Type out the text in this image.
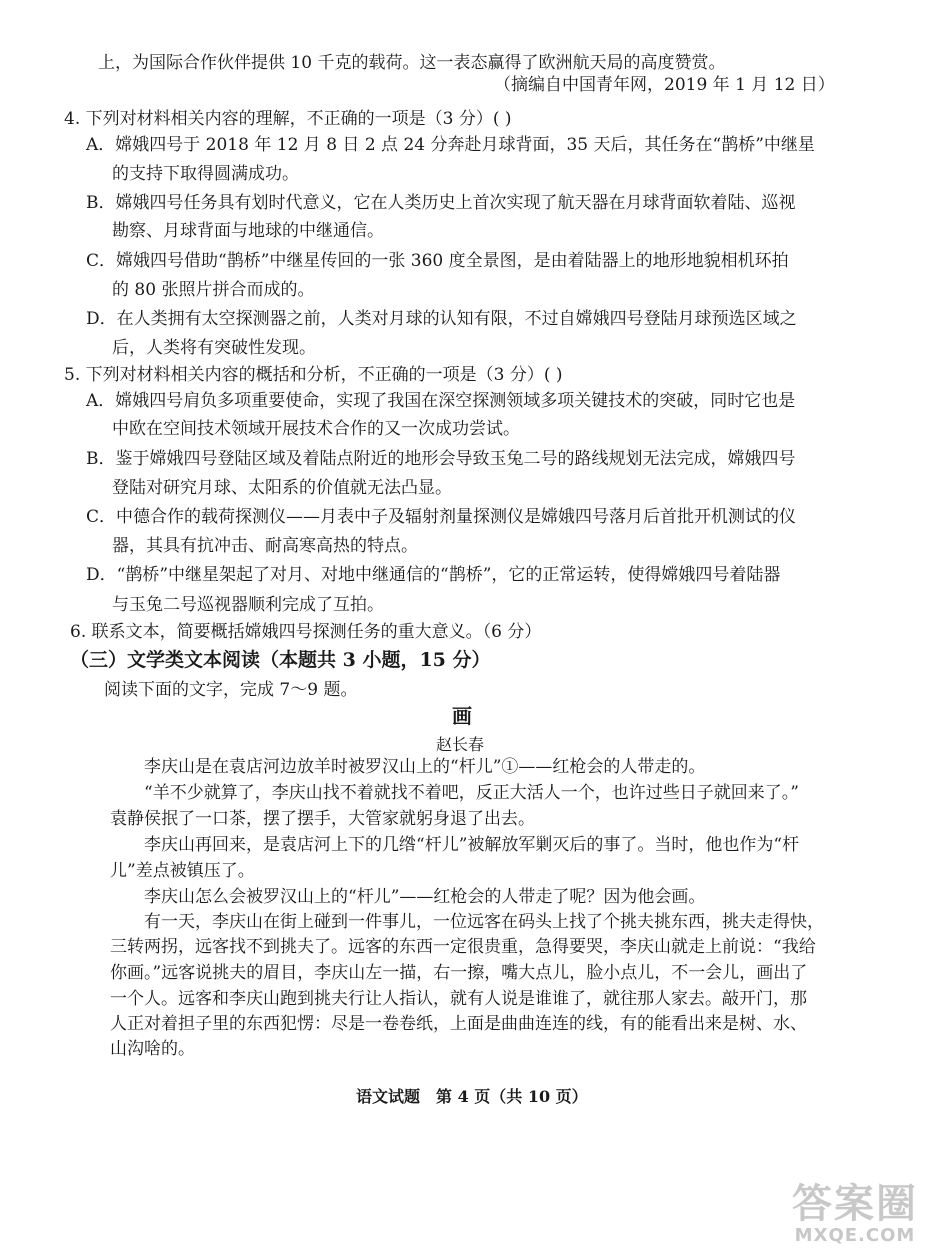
上，为国际合作伙伴提供 10 千克的载荷。这一表态赢得了欧洲航天局的高度赞赏。
（摘编自中国青年网，2019 年 1 月 12 日）
4. 下列对材料相关内容的理解，不正确的一项是（3 分）( )
A．嫦娥四号于 2018 年 12 月 8 日 2 点 24 分奔赴月球背面，35 天后，其任务在“鹊桥”中继星
的支持下取得圆满成功。
B．嫦娥四号任务具有划时代意义，它在人类历史上首次实现了航天器在月球背面软着陆、巡视
勘察、月球背面与地球的中继通信。
C．嫦娥四号借助“鹊桥”中继星传回的一张 360 度全景图，是由着陆器上的地形地貌相机环拍
的 80 张照片拼合而成的。
D．在人类拥有太空探测器之前，人类对月球的认知有限，不过自嫦娥四号登陆月球预选区域之
后，人类将有突破性发现。
5. 下列对材料相关内容的概括和分析，不正确的一项是（3 分）( )
A．嫦娥四号肩负多项重要使命，实现了我国在深空探测领域多项关键技术的突破，同时它也是
中欧在空间技术领域开展技术合作的又一次成功尝试。
B．鉴于嫦娥四号登陆区域及着陆点附近的地形会导致玉兔二号的路线规划无法完成，嫦娥四号
登陆对研究月球、太阳系的价值就无法凸显。
C．中德合作的载荷探测仪——月表中子及辐射剂量探测仪是嫦娥四号落月后首批开机测试的仪
器，其具有抗冲击、耐高寒高热的特点。
D．“鹊桥”中继星架起了对月、对地中继通信的“鹊桥”，它的正常运转，使得嫦娥四号着陆器
与玉兔二号巡视器顺利完成了互拍。
6. 联系文本，简要概括嫦娥四号探测任务的重大意义。（6 分）
（三）文学类文本阅读（本题共 3 小题，15 分）
阅读下面的文字，完成 7～9 题。
画
赵长春
李庆山是在袁店河边放羊时被罗汉山上的“杆儿”①——红枪会的人带走的。
“羊不少就算了，李庆山找不着就找不着吧，反正大活人一个，也许过些日子就回来了。”
袁静侯抿了一口茶，摆了摆手，大管家就躬身退了出去。
李庆山再回来，是袁店河上下的几绺“杆儿”被解放军剿灭后的事了。当时，他也作为“杆
儿”差点被镇压了。
李庆山怎么会被罗汉山上的“杆儿”——红枪会的人带走了呢？因为他会画。
有一天，李庆山在街上碰到一件事儿，一位远客在码头上找了个挑夫挑东西，挑夫走得快，
三转两拐，远客找不到挑夫了。远客的东西一定很贵重，急得要哭，李庆山就走上前说：“我给
你画。”远客说挑夫的眉目，李庆山左一描，右一擦，嘴大点儿，脸小点儿，不一会儿，画出了
一个人。远客和李庆山跑到挑夫行让人指认，就有人说是谁谁了，就往那人家去。敲开门，那
人正对着担子里的东西犯愣：尽是一卷卷纸，上面是曲曲连连的线，有的能看出来是树、水、
山沟啥的。
语文试题　第 4 页（共 10 页）
答案圈
MXQE.COM
